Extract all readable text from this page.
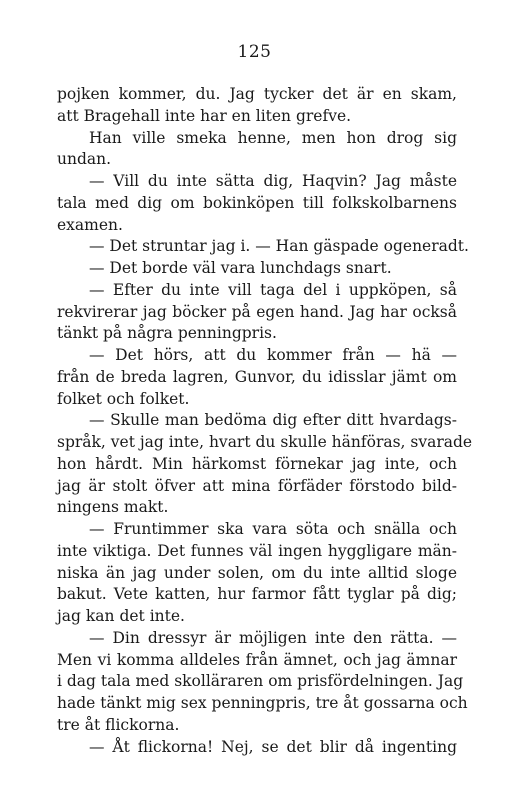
125
pojken kommer, du. Jag tycker det är en skam,
att Bragehall inte har en liten grefve.
Han ville smeka henne, men hon drog sig
undan.
— Vill du inte sätta dig, Haqvin? Jag måste
tala med dig om bokinköpen till folkskolbarnens
examen.
— Det struntar jag i. — Han gäspade ogeneradt.
— Det borde väl vara lunchdags snart.
— Efter du inte vill taga del i uppköpen, så
rekvirerar jag böcker på egen hand. Jag har också
tänkt på några penningpris.
— Det hörs, att du kommer från — hä —
från de breda lagren, Gunvor, du idisslar jämt om
folket och folket.
— Skulle man bedöma dig efter ditt hvardags-
språk, vet jag inte, hvart du skulle hänföras, svarade
hon hårdt. Min härkomst förnekar jag inte, och
jag är stolt öfver att mina förfäder förstodo bild-
ningens makt.
— Fruntimmer ska vara söta och snälla och
inte viktiga. Det funnes väl ingen hyggligare män-
niska än jag under solen, om du inte alltid sloge
bakut. Vete katten, hur farmor fått tyglar på dig;
jag kan det inte.
— Din dressyr är möjligen inte den rätta. —
Men vi komma alldeles från ämnet, och jag ämnar
i dag tala med skolläraren om prisfördelningen. Jag
hade tänkt mig sex penningpris, tre åt gossarna och
tre åt flickorna.
— Åt flickorna! Nej, se det blir då ingenting
